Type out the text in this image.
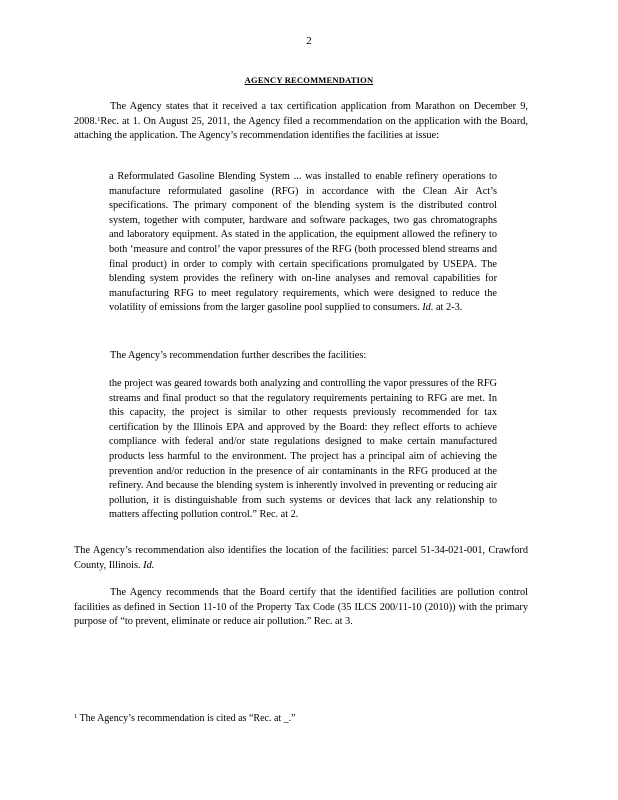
2
AGENCY RECOMMENDATION

The Agency states that it received a tax certification application from Marathon on December 9, 2008.$^1$Rec. at 1. On August 25, 2011, the Agency filed a recommendation on the application with the Board, attaching the application. The Agency’s recommendation identifies the facilities at issue:

a Reformulated Gasoline Blending System ... was installed to enable refinery operations to manufacture reformulated gasoline (RFG) in accordance with the Clean Air Act’s specifications. The primary component of the blending system is the distributed control system, together with computer, hardware and software packages, two gas chromatographs and laboratory equipment. As stated in the application, the equipment allowed the refinery to both ‘measure and control’ the vapor pressures of the RFG (both processed blend streams and final product) in order to comply with certain specifications promulgated by USEPA. The blending system provides the refinery with on-line analyses and removal capabilities for manufacturing RFG to meet regulatory requirements, which were designed to reduce the volatility of emissions from the larger gasoline pool supplied to consumers. Id. at 2-3.

The Agency’s recommendation further describes the facilities:

the project was geared towards both analyzing and controlling the vapor pressures of the RFG streams and final product so that the regulatory requirements pertaining to RFG are met. In this capacity, the project is similar to other requests previously recommended for tax certification by the Illinois EPA and approved by the Board: they reflect efforts to achieve compliance with federal and/or state regulations designed to make certain manufactured products less harmful to the environment. The project has a principal aim of achieving the prevention and/or reduction in the presence of air contaminants in the RFG produced at the refinery. And because the blending system is inherently involved in preventing or reducing air pollution, it is distinguishable from such systems or devices that lack any relationship to matters affecting pollution control.” Rec. at 2.

The Agency’s recommendation also identifies the location of the facilities: parcel 51-34-021-001, Crawford County, Illinois. Id.

The Agency recommends that the Board certify that the identified facilities are pollution control facilities as defined in Section 11-10 of the Property Tax Code (35 ILCS 200/11-10 (2010)) with the primary purpose of “to prevent, eliminate or reduce air pollution.” Rec. at 3.

$^1$ The Agency’s recommendation is cited as “Rec. at _.”
